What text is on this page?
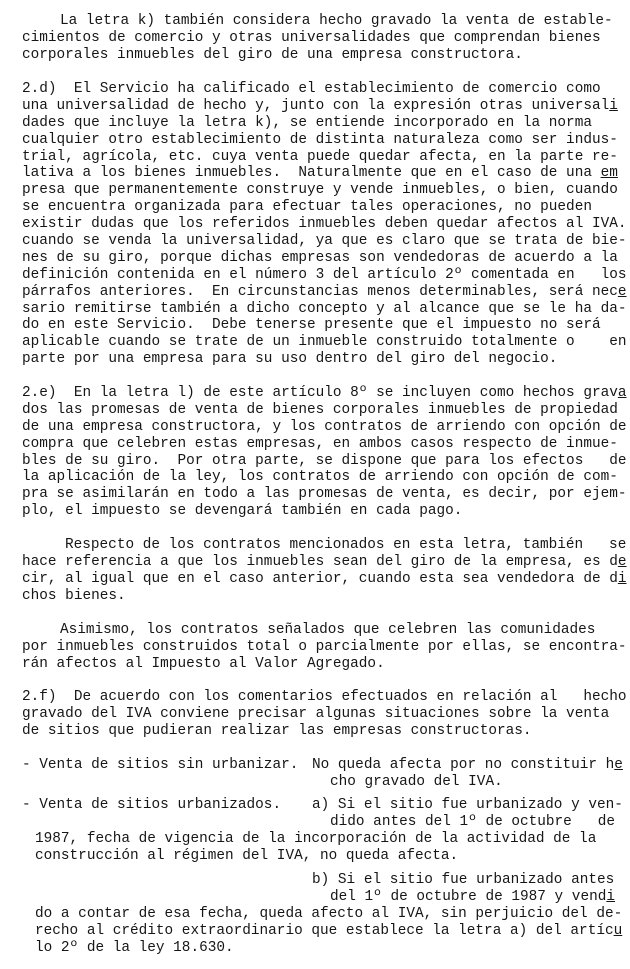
La letra k) también considera hecho gravado la venta de estable-
cimientos de comercio y otras universalidades que comprendan bienes
corporales inmuebles del giro de una empresa constructora.
2.d)  El Servicio ha calificado el establecimiento de comercio como
una universalidad de hecho y, junto con la expresión otras universali
dades que incluye la letra k), se entiende incorporado en la norma
cualquier otro establecimiento de distinta naturaleza como ser indus-
trial, agrícola, etc. cuya venta puede quedar afecta, en la parte re-
lativa a los bienes inmuebles.  Naturalmente que en el caso de una em
presa que permanentemente construye y vende inmuebles, o bien, cuando
se encuentra organizada para efectuar tales operaciones, no pueden
existir dudas que los referidos inmuebles deben quedar afectos al IVA.
cuando se venda la universalidad, ya que es claro que se trata de bie-
nes de su giro, porque dichas empresas son vendedoras de acuerdo a la
definición contenida en el número 3 del artículo 2º comentada en   los
párrafos anteriores.  En circunstancias menos determinables, será nece
sario remitirse también a dicho concepto y al alcance que se le ha da-
do en este Servicio.  Debe tenerse presente que el impuesto no será
aplicable cuando se trate de un inmueble construido totalmente o    en
parte por una empresa para su uso dentro del giro del negocio.
2.e)  En la letra l) de este artículo 8º se incluyen como hechos grava
dos las promesas de venta de bienes corporales inmuebles de propiedad
de una empresa constructora, y los contratos de arriendo con opción de
compra que celebren estas empresas, en ambos casos respecto de inmue-
bles de su giro.  Por otra parte, se dispone que para los efectos   de
la aplicación de la ley, los contratos de arriendo con opción de com-
pra se asimilarán en todo a las promesas de venta, es decir, por ejem-
plo, el impuesto se devengará también en cada pago.
Respecto de los contratos mencionados en esta letra, también   se
hace referencia a que los inmuebles sean del giro de la empresa, es de
cir, al igual que en el caso anterior, cuando esta sea vendedora de di
chos bienes.
Asimismo, los contratos señalados que celebren las comunidades
por inmuebles construidos total o parcialmente por ellas, se encontra-
rán afectos al Impuesto al Valor Agregado.
2.f)  De acuerdo con los comentarios efectuados en relación al   hecho
gravado del IVA conviene precisar algunas situaciones sobre la venta
de sitios que pudieran realizar las empresas constructoras.
- Venta de sitios sin urbanizar. No queda afecta por no constituir he
cho gravado del IVA.
- Venta de sitios urbanizados.	a) Si el sitio fue urbanizado y ven-
dido antes del 1º de octubre   de
1987, fecha de vigencia de la incorporación de la actividad de la
construcción al régimen del IVA, no queda afecta.
b) Si el sitio fue urbanizado antes
del 1º de octubre de 1987 y vendi
do a contar de esa fecha, queda afecto al IVA, sin perjuicio del de-
recho al crédito extraordinario que establece la letra a) del artícu
lo 2º de la ley 18.630.
